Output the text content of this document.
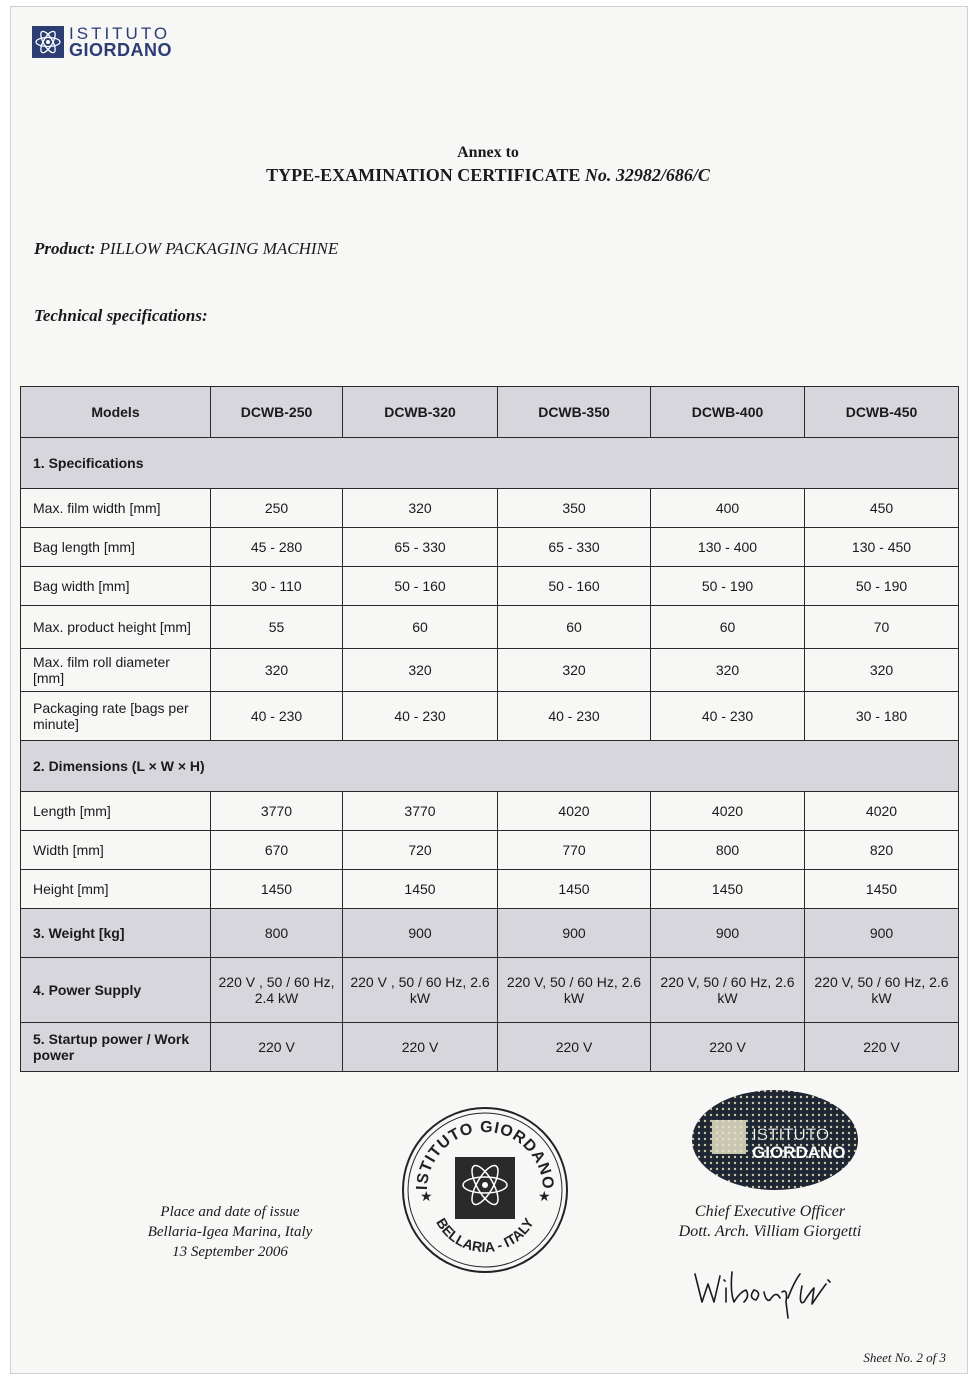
ISTITUTO
GIORDANO
Annex to
TYPE-EXAMINATION CERTIFICATE No. 32982/686/C
Product: PILLOW PACKAGING MACHINE
Technical specifications:
Models	DCWB-250	DCWB-320	DCWB-350	DCWB-400	DCWB-450
1. Specifications					
Max. film width [mm]	250	320	350	400	450
Bag length [mm]	45 - 280	65 - 330	65 - 330	130 - 400	130 - 450
Bag width [mm]	30 - 110	50 - 160	50 - 160	50 - 190	50 - 190
Max. product height [mm]	55	60	60	60	70
Max. film roll diameter [mm]	320	320	320	320	320
Packaging rate [bags per minute]	40 - 230	40 - 230	40 - 230	40 - 230	30 - 180
2. Dimensions (L × W × H)					
Length [mm]	3770	3770	4020	4020	4020
Width [mm]	670	720	770	800	820
Height [mm]	1450	1450	1450	1450	1450
3. Weight [kg]	800	900	900	900	900
4. Power Supply	220 V , 50 / 60 Hz, 2.4 kW	220 V , 50 / 60 Hz, 2.6 kW	220 V, 50 / 60 Hz, 2.6 kW	220 V, 50 / 60 Hz, 2.6 kW	220 V, 50 / 60 Hz, 2.6 kW
5. Startup power / Work power	220 V	220 V	220 V	220 V	220 V
ISTITUTO GIORDANO
BELLARIA - ITALY
★	★
ISTITUTO
GIORDANO
Place and date of issue
Bellaria-Igea Marina, Italy
13 September 2006
Chief Executive Officer
Dott. Arch. Villiam Giorgetti
Sheet No. 2 of 3
